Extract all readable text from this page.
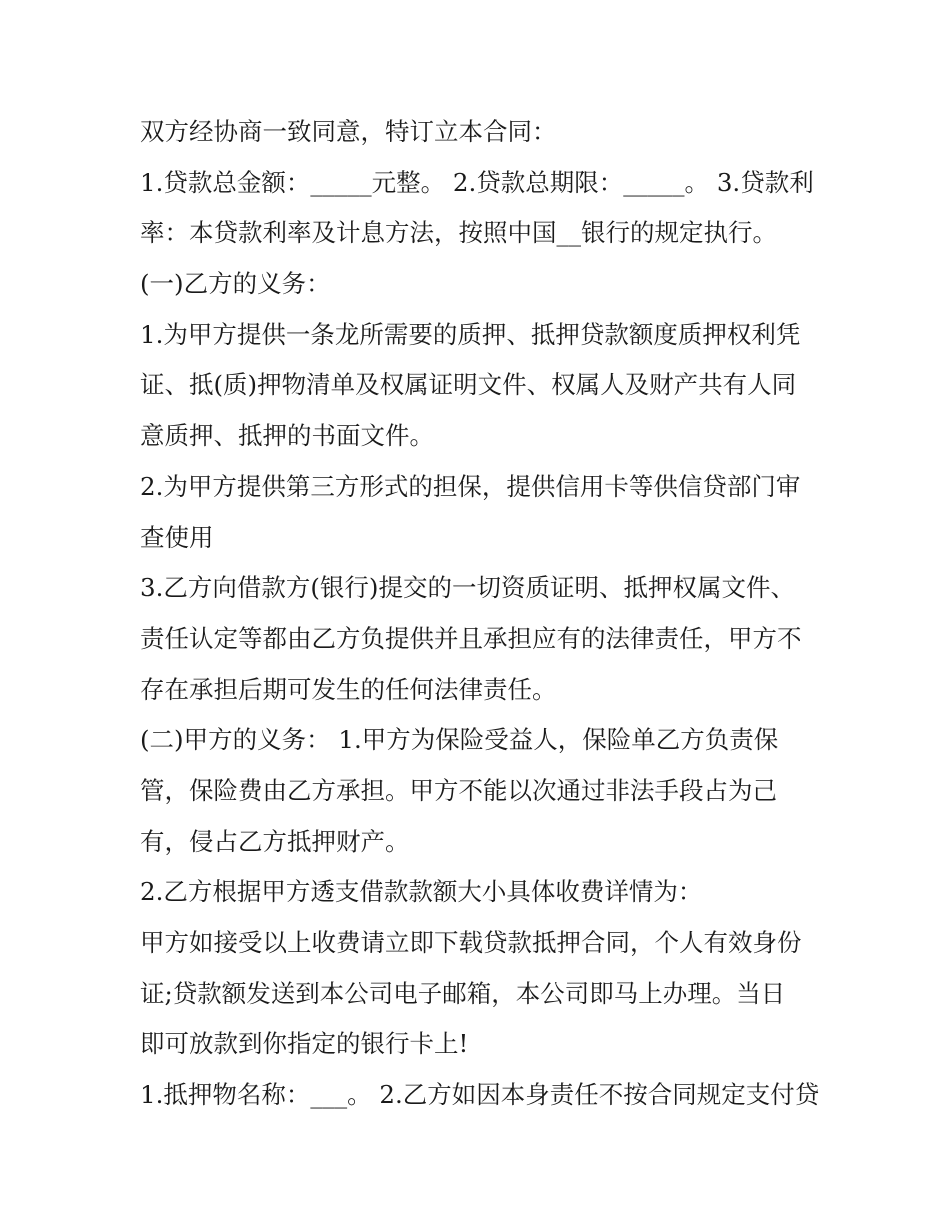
双方经协商一致同意，特订立本合同：
1.贷款总金额：_____元整。 2.贷款总期限：_____。 3.贷款利
率：本贷款利率及计息方法，按照中国__银行的规定执行。
(一)乙方的义务：
1.为甲方提供一条龙所需要的质押、抵押贷款额度质押权利凭
证、抵(质)押物清单及权属证明文件、权属人及财产共有人同
意质押、抵押的书面文件。
2.为甲方提供第三方形式的担保，提供信用卡等供信贷部门审
查使用
3.乙方向借款方(银行)提交的一切资质证明、抵押权属文件、
责任认定等都由乙方负提供并且承担应有的法律责任，甲方不
存在承担后期可发生的任何法律责任。
(二)甲方的义务： 1.甲方为保险受益人，保险单乙方负责保
管，保险费由乙方承担。甲方不能以次通过非法手段占为己
有，侵占乙方抵押财产。
2.乙方根据甲方透支借款款额大小具体收费详情为：
甲方如接受以上收费请立即下载贷款抵押合同，个人有效身份
证;贷款额发送到本公司电子邮箱，本公司即马上办理。当日
即可放款到你指定的银行卡上!
1.抵押物名称：___。 2.乙方如因本身责任不按合同规定支付贷
